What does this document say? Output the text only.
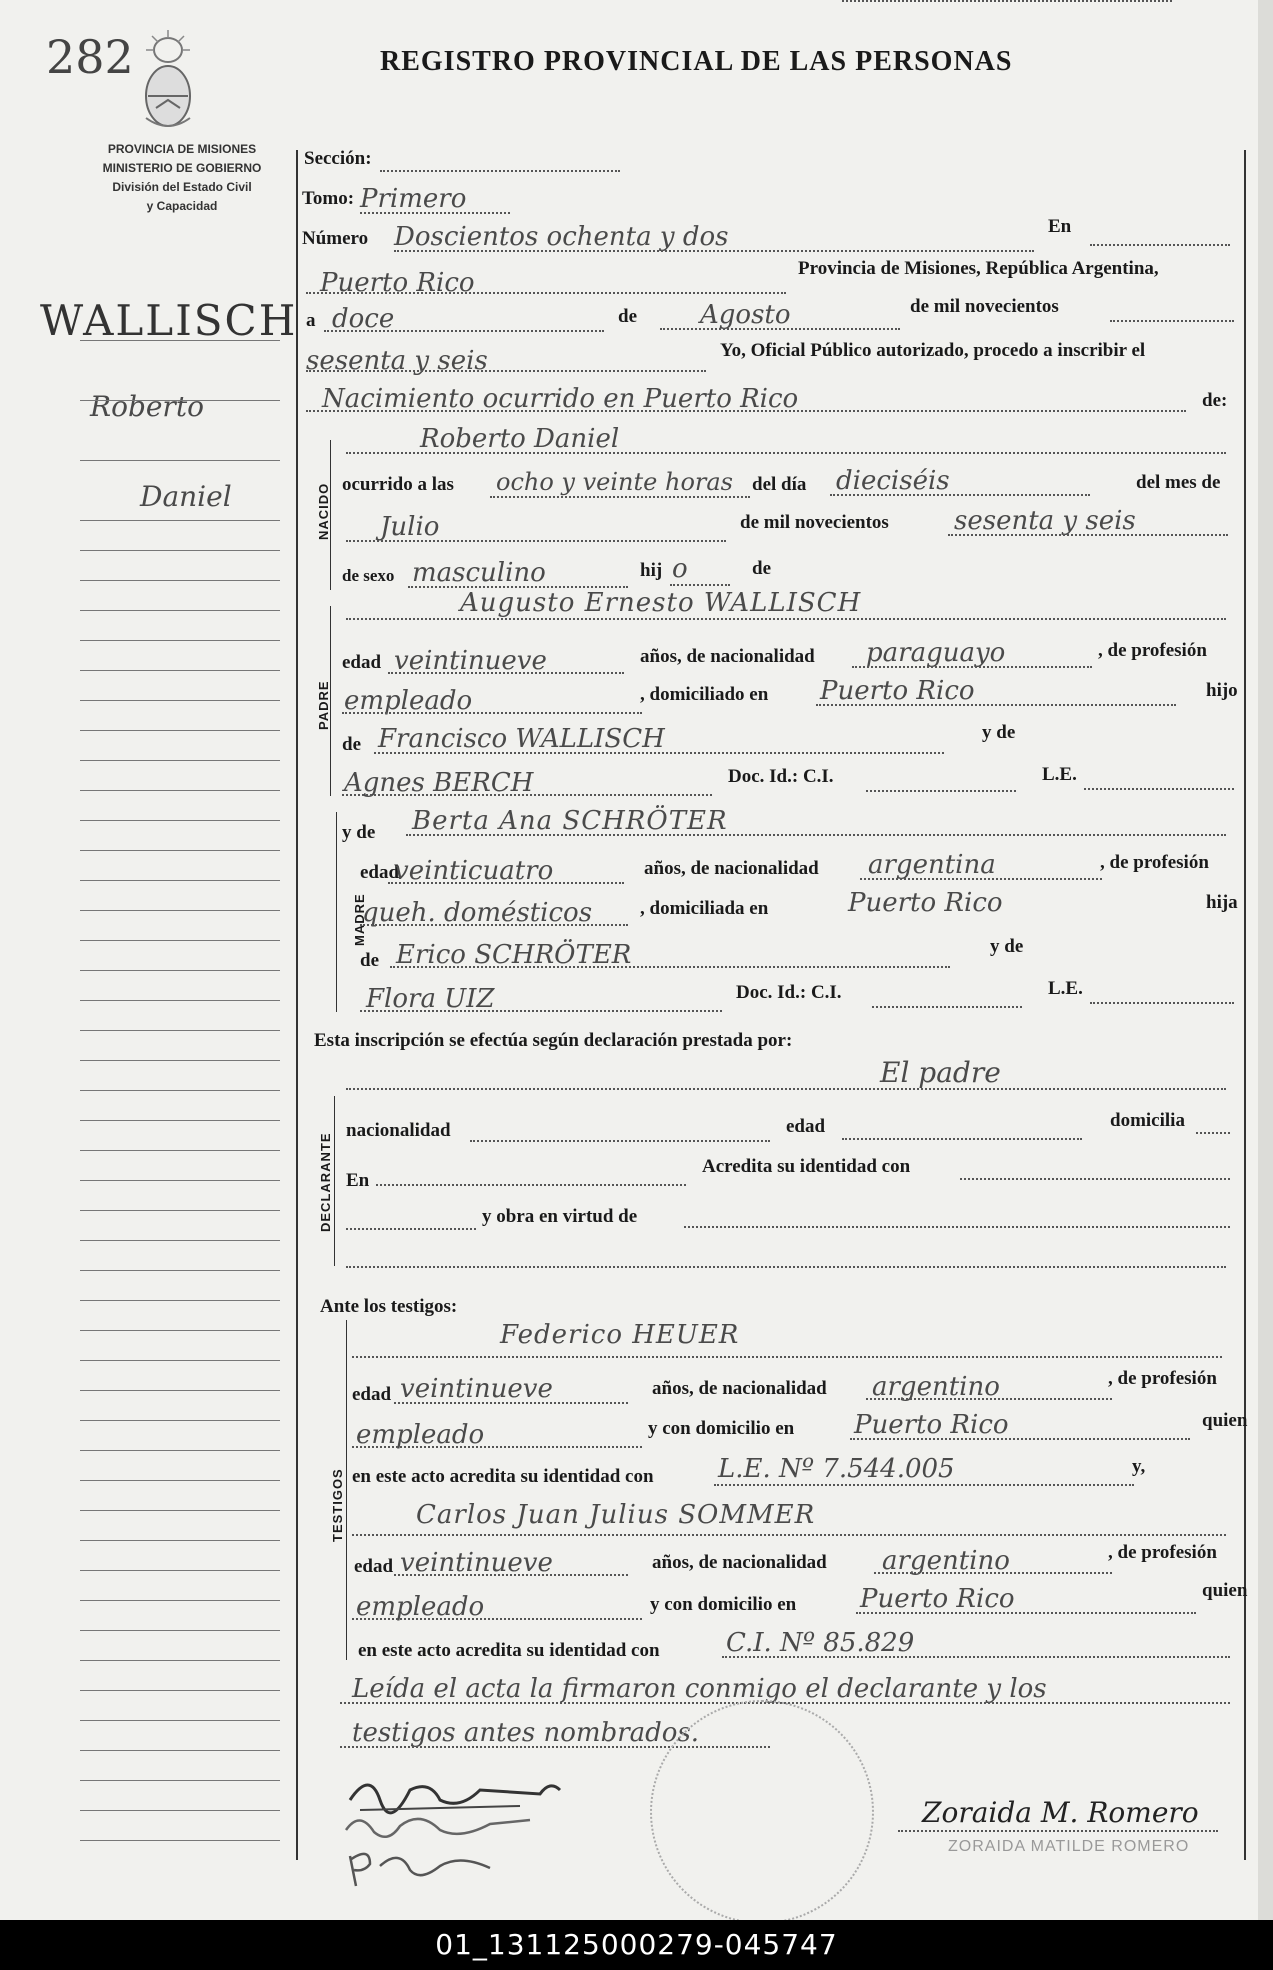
282	REGISTRO PROVINCIAL DE LAS PERSONAS
PROVINCIA DE MISIONES
MINISTERIO DE GOBIERNO
División del Estado Civil
y Capacidad
WALLISCH
Roberto
Daniel
Sección:
Tomo: Primero
Número Doscientos ochenta y dos	En
Puerto Rico	Provincia de Misiones, República Argentina,
a doce	de Agosto	de mil novecientos
sesenta y seis	Yo, Oficial Público autorizado, procedo a inscribir el
Nacimiento ocurrido en Puerto Rico	de:
NACIDO
Roberto Daniel
ocurrido a las ocho y veinte horas del día dieciséis	del mes de
Julio	de mil novecientos	sesenta y seis
de sexo masculino	hij o	de
PADRE
Augusto Ernesto WALLISCH
edad veintinueve	años, de nacionalidad paraguayo	, de profesión
empleado	, domiciliado en Puerto Rico	hijo
de Francisco WALLISCH	y de
Agnes BERCH	Doc. Id.: C.I.	L.E.
MADRE
y de Berta Ana SCHRÖTER
edad
veinticuatro	años, de nacionalidad argentina	, de profesión
queh. domésticos	, domiciliada en	Puerto Rico	hija
de Erico SCHRÖTER	y de
Flora UIZ	Doc. Id.: C.I.	L.E.
Esta inscripción se efectúa según declaración prestada por:
El padre
DECLARANTE
nacionalidad	edad	domicilia
En
Acredita su identidad con
y obra en virtud de
Ante los testigos:
TESTIGOS
Federico HEUER
edad veintinueve	años, de nacionalidad argentino	, de profesión
empleado	y con domicilio en Puerto Rico	quien
en este acto acredita su identidad con L.E. Nº 7.544.005	y,
Carlos Juan Julius SOMMER
edad veintinueve	años, de nacionalidad argentino	, de profesión
empleado	y con domicilio en Puerto Rico	quien
en este acto acredita su identidad con	C.I. Nº 85.829
Leída el acta la firmaron conmigo el declarante y los
testigos antes nombrados.
Zoraida M. Romero
ZORAIDA MATILDE ROMERO
01_131125000279-045747
